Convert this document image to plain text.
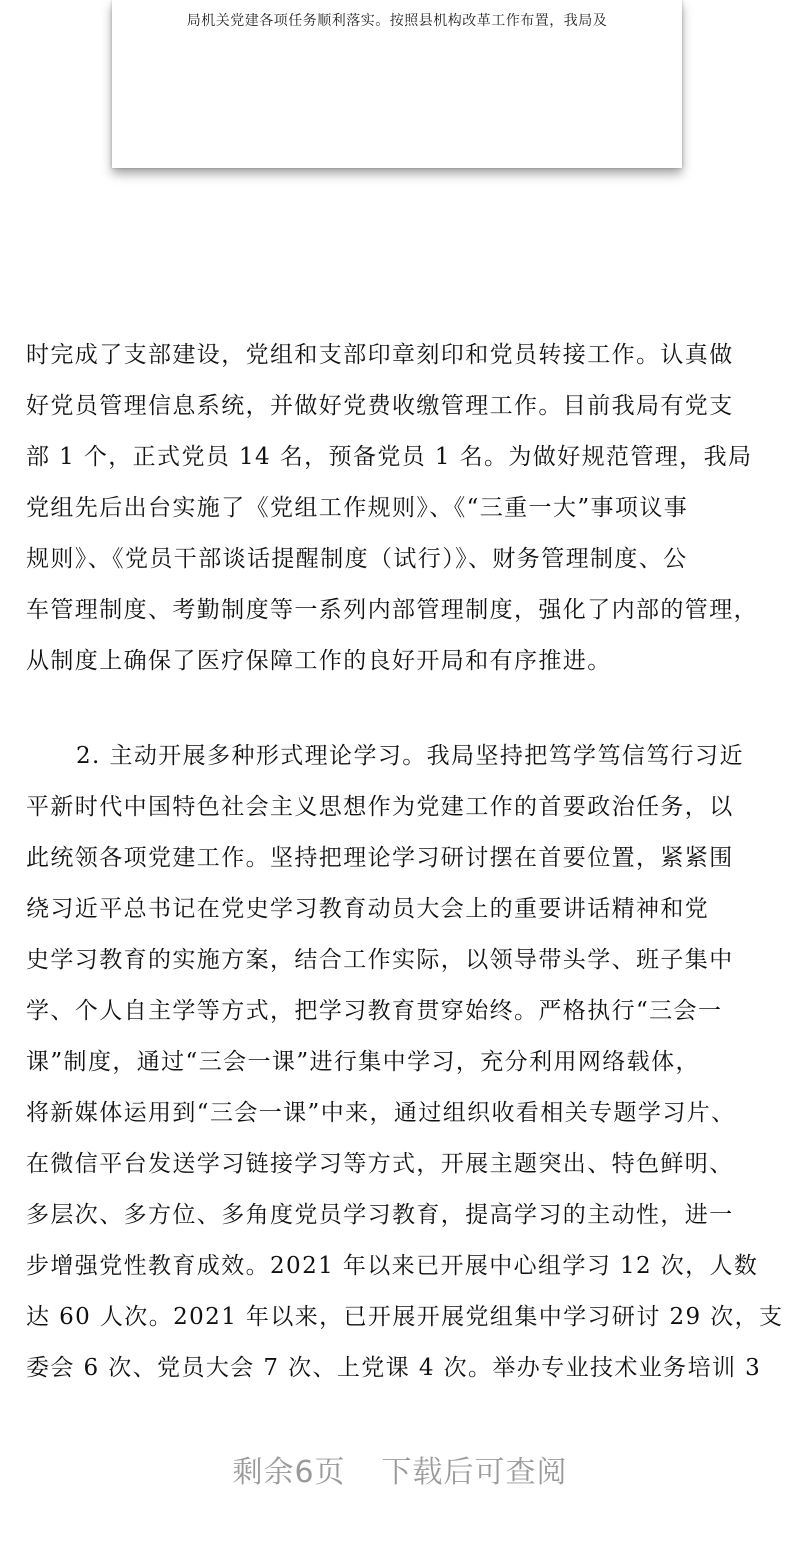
局机关党建各项任务顺利落实。按照县机构改革工作布置，我局及
时完成了支部建设，党组和支部印章刻印和党员转接工作。认真做
好党员管理信息系统，并做好党费收缴管理工作。目前我局有党支
部 1 个，正式党员 14 名，预备党员 1 名。为做好规范管理，我局
党组先后出台实施了《党组工作规则》、《“三重一大”事项议事
规则》、《党员干部谈话提醒制度（试行）》、财务管理制度、公
车管理制度、考勤制度等一系列内部管理制度，强化了内部的管理，
从制度上确保了医疗保障工作的良好开局和有序推进。
2. 主动开展多种形式理论学习。我局坚持把笃学笃信笃行习近
平新时代中国特色社会主义思想作为党建工作的首要政治任务，以
此统领各项党建工作。坚持把理论学习研讨摆在首要位置，紧紧围
绕习近平总书记在党史学习教育动员大会上的重要讲话精神和党
史学习教育的实施方案，结合工作实际，以领导带头学、班子集中
学、个人自主学等方式，把学习教育贯穿始终。严格执行“三会一
课”制度，通过“三会一课”进行集中学习，充分利用网络载体，
将新媒体运用到“三会一课”中来，通过组织收看相关专题学习片、
在微信平台发送学习链接学习等方式，开展主题突出、特色鲜明、
多层次、多方位、多角度党员学习教育，提高学习的主动性，进一
步增强党性教育成效。2021 年以来已开展中心组学习 12 次，人数
达 60 人次。2021 年以来，已开展开展党组集中学习研讨 29 次，支
委会 6 次、党员大会 7 次、上党课 4 次。举办专业技术业务培训 3
剩余6页 下载后可查阅
